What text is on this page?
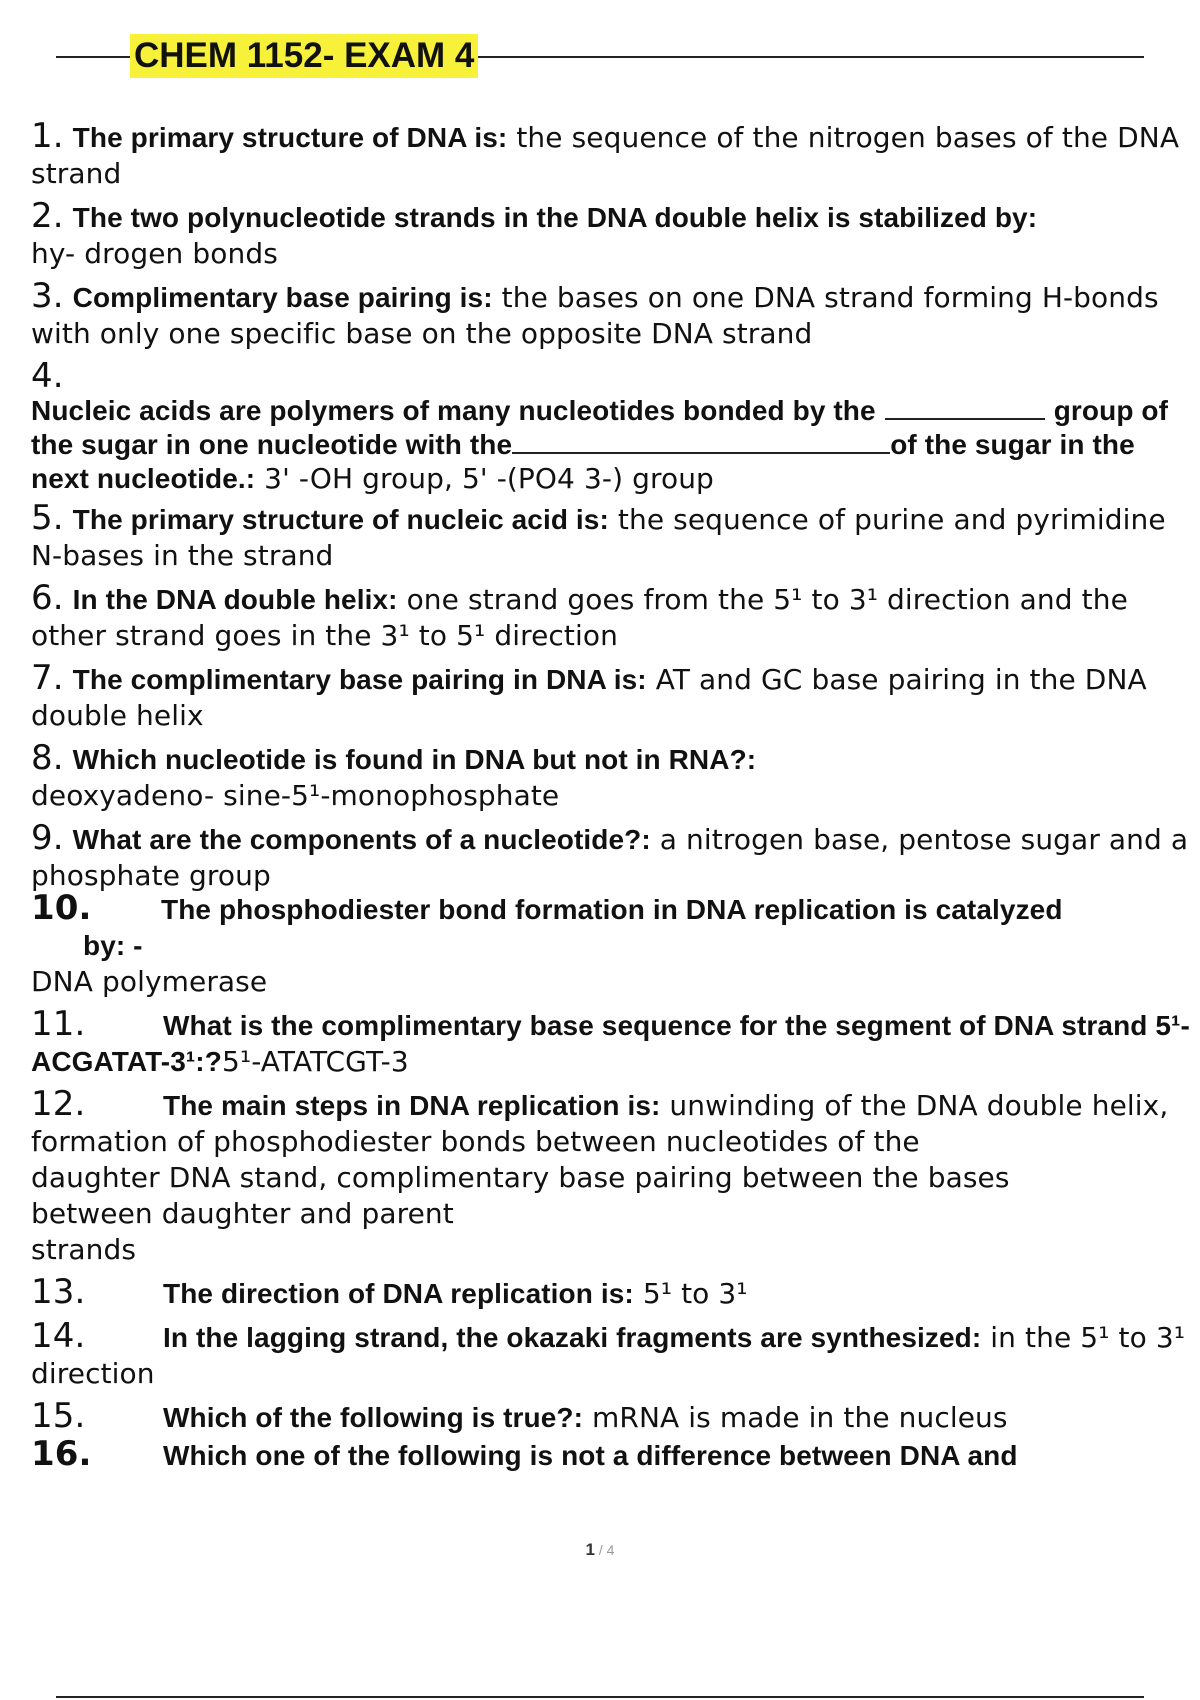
CHEM 1152- EXAM 4
1. The primary structure of DNA is: the sequence of the nitrogen bases of the DNA strand
2. The two polynucleotide strands in the DNA double helix is stabilized by:
hy- drogen bonds
3. Complimentary base pairing is: the bases on one DNA strand forming H-bonds with only one specific base on the opposite DNA strand
4.
Nucleic acids are polymers of many nucleotides bonded by the	group of the sugar in one nucleotide with the	of the sugar in the next nucleotide.: 3' -OH group, 5' -(PO4 3-) group
5. The primary structure of nucleic acid is: the sequence of purine and pyrimidine N-bases in the strand
6. In the DNA double helix: one strand goes from the 5¹ to 3¹ direction and the other strand goes in the 3¹ to 5¹ direction
7. The complimentary base pairing in DNA is: AT and GC base pairing in the DNA double helix
8. Which nucleotide is found in DNA but not in RNA?:
deoxyadeno- sine-5¹-monophosphate
9. What are the components of a nucleotide?: a nitrogen base, pentose sugar and a phosphate group
10. The phosphodiester bond formation in DNA replication is catalyzed
by: -
DNA polymerase
11.	What is the complimentary base sequence for the segment of DNA strand 5¹-ACGATAT-3¹:?5¹-ATATCGT-3
12.	The main steps in DNA replication is: unwinding of the DNA double helix, formation of phosphodiester bonds between nucleotides of the
daughter DNA stand, complimentary base pairing between the bases between daughter and parent
strands
13.	The direction of DNA replication is: 5¹ to 3¹
14.	In the lagging strand, the okazaki fragments are synthesized: in the 5¹ to 3¹ direction
15.	Which of the following is true?: mRNA is made in the nucleus
16.	Which one of the following is not a difference between DNA and
1 / 4
